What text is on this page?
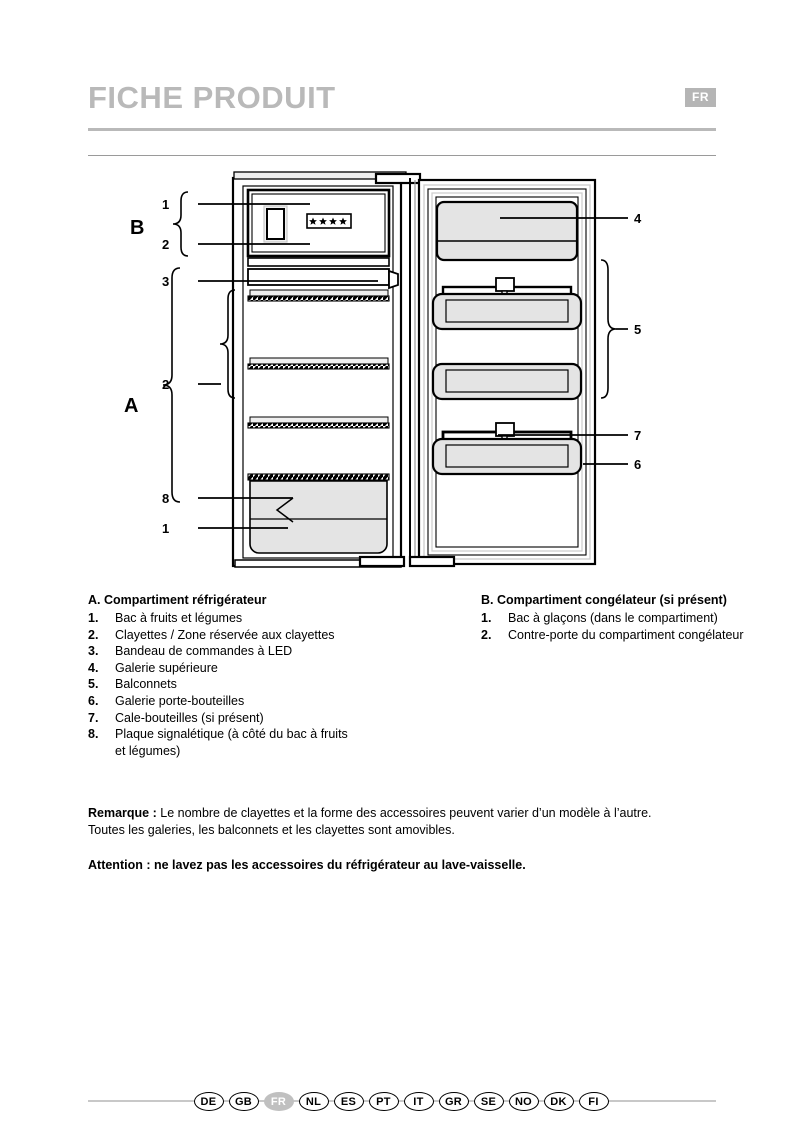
FICHE PRODUIT	FR
1
2
3
2
8
1
4
5
7
6
B
A
A. Compartiment réfrigérateur
1.	Bac à fruits et légumes
2.	Clayettes / Zone réservée aux clayettes
3.	Bandeau de commandes à LED
4.	Galerie supérieure
5.	Balconnets
6.	Galerie porte-bouteilles
7.	Cale-bouteilles (si présent)
8.	Plaque signalétique (à côté du bac à fruits
et légumes)
B. Compartiment congélateur (si présent)
1.	Bac à glaçons (dans le compartiment)
2.	Contre-porte du compartiment congélateur
Remarque : Le nombre de clayettes et la forme des accessoires peuvent varier d’un modèle à l’autre.
Toutes les galeries, les balconnets et les clayettes sont amovibles.
Attention : ne lavez pas les accessoires du réfrigérateur au lave-vaisselle.
DE	GB	FR	NL	ES	PT	IT	GR	SE	NO	DK	FI
